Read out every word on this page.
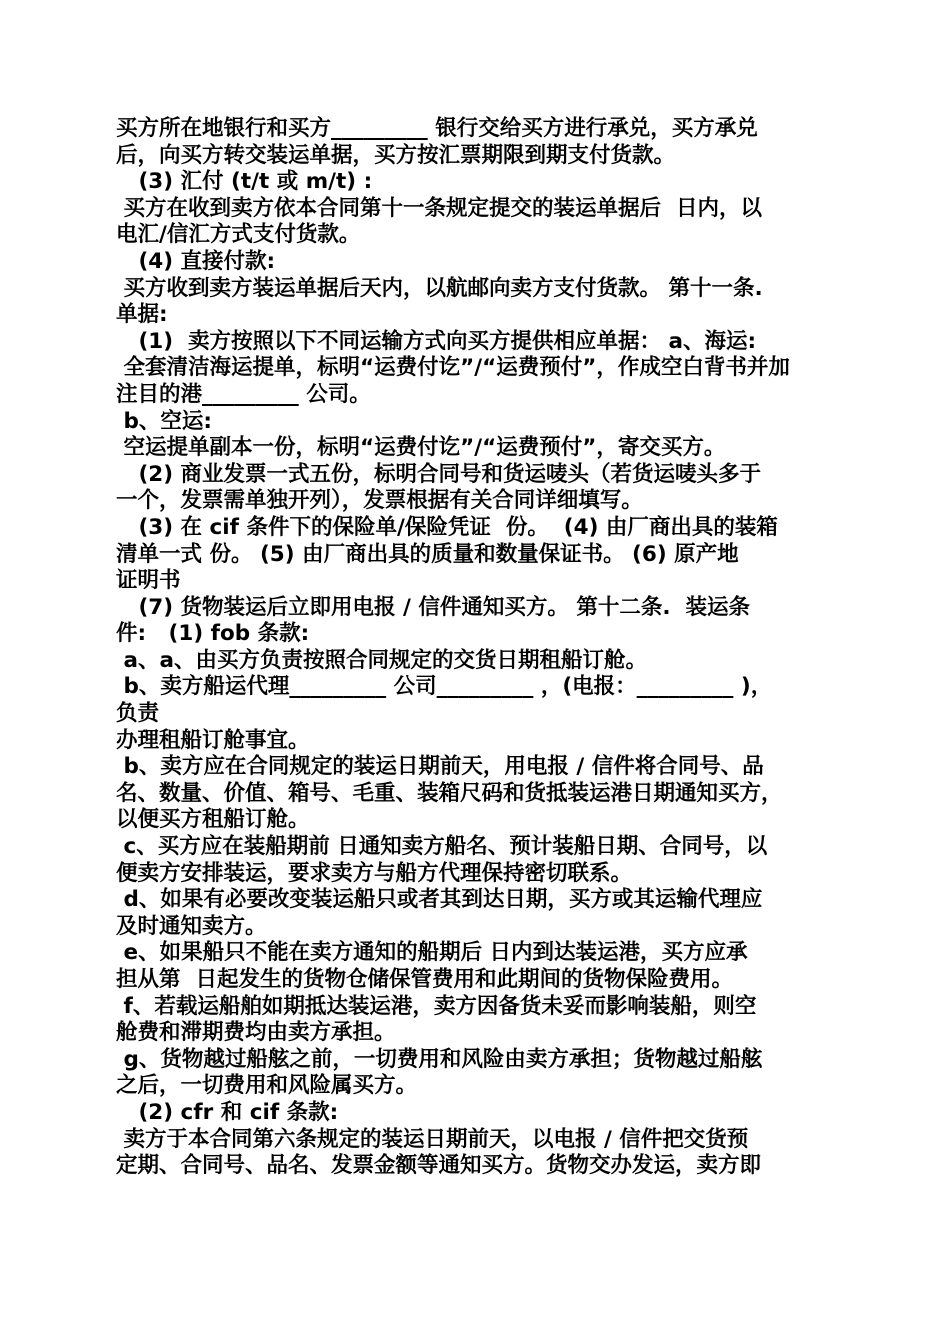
买方所在地银行和买方_________ 银行交给买方进行承兑，买方承兑
后，向买方转交装运单据，买方按汇票期限到期支付货款。
(3) 汇付 (t/t 或 m/t) :
买方在收到卖方依本合同第十一条规定提交的装运单据后  日内，以
电汇/信汇方式支付货款。
(4) 直接付款:
买方收到卖方装运单据后天内，以航邮向卖方支付货款。 第十一条.
单据:
(1)  卖方按照以下不同运输方式向买方提供相应单据： a、海运:
全套清洁海运提单，标明“运费付讫”/“运费预付”，作成空白背书并加
注目的港_________ 公司。
b、空运:
空运提单副本一份，标明“运费付讫”/“运费预付”，寄交买方。
(2) 商业发票一式五份，标明合同号和货运唛头（若货运唛头多于
一个，发票需单独开列），发票根据有关合同详细填写。
(3) 在 cif 条件下的保险单/保险凭证  份。  (4) 由厂商出具的装箱
清单一式 份。 (5) 由厂商出具的质量和数量保证书。 (6) 原产地
证明书
(7) 货物装运后立即用电报 / 信件通知买方。 第十二条.  装运条
件:   (1) fob 条款:
a、a、由买方负责按照合同规定的交货日期租船订舱。
b、卖方船运代理_________ 公司_________ ，(电报：_________ )，
负责
办理租船订舱事宜。
b、卖方应在合同规定的装运日期前天，用电报 / 信件将合同号、品
名、数量、价值、箱号、毛重、装箱尺码和货抵装运港日期通知买方，
以便买方租船订舱。
c、买方应在装船期前 日通知卖方船名、预计装船日期、合同号，以
便卖方安排装运，要求卖方与船方代理保持密切联系。
d、如果有必要改变装运船只或者其到达日期，买方或其运输代理应
及时通知卖方。
e、如果船只不能在卖方通知的船期后 日内到达装运港，买方应承
担从第  日起发生的货物仓储保管费用和此期间的货物保险费用。
f、若载运船舶如期抵达装运港，卖方因备货未妥而影响装船，则空
舱费和滞期费均由卖方承担。
g、货物越过船舷之前，一切费用和风险由卖方承担；货物越过船舷
之后，一切费用和风险属买方。
(2) cfr 和 cif 条款:
卖方于本合同第六条规定的装运日期前天，以电报 / 信件把交货预
定期、合同号、品名、发票金额等通知买方。货物交办发运，卖方即
